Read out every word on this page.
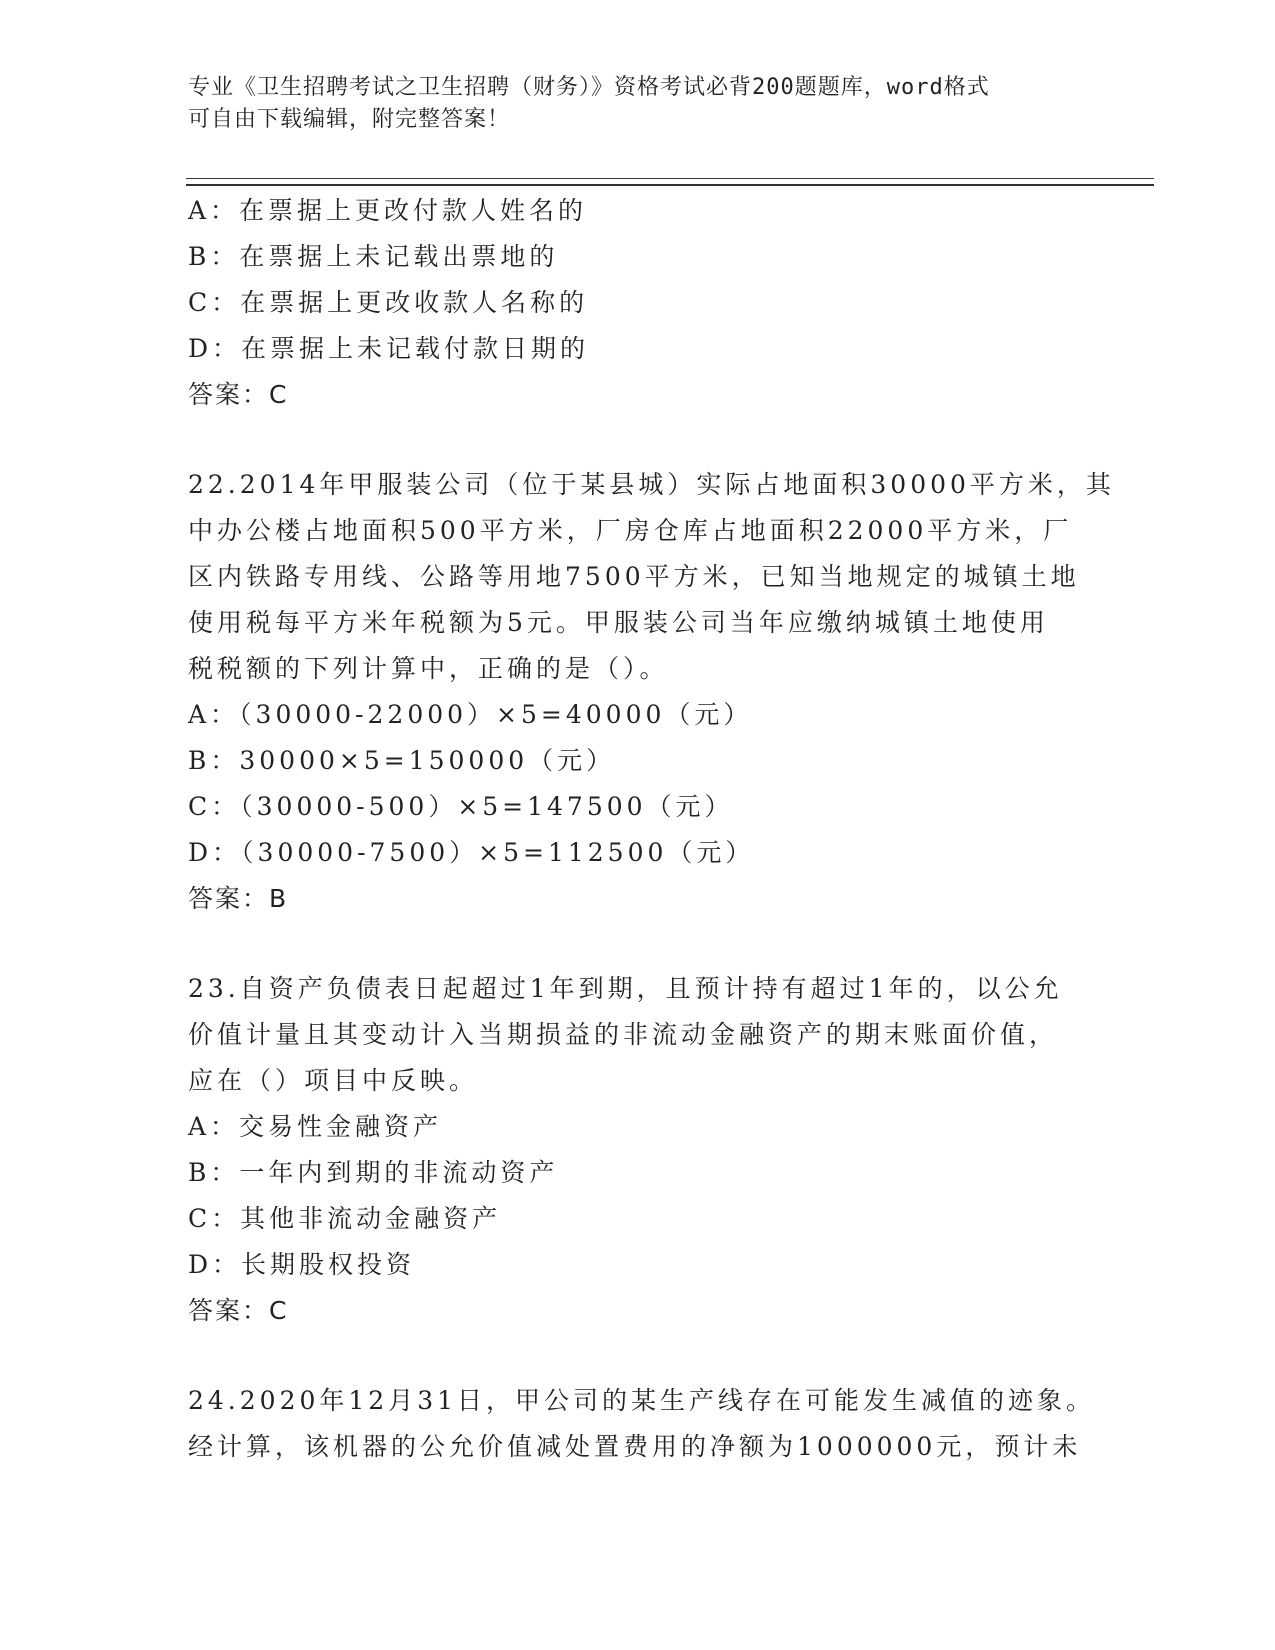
专业《卫生招聘考试之卫生招聘（财务）》资格考试必背200题题库，word格式
可自由下载编辑，附完整答案！
A：在票据上更改付款人姓名的
B：在票据上未记载出票地的
C：在票据上更改收款人名称的
D：在票据上未记载付款日期的
答案：C
22.2014年甲服装公司（位于某县城）实际占地面积30000平方米，其
中办公楼占地面积500平方米，厂房仓库占地面积22000平方米，厂
区内铁路专用线、公路等用地7500平方米，已知当地规定的城镇土地
使用税每平方米年税额为5元。甲服装公司当年应缴纳城镇土地使用
税税额的下列计算中，正确的是（）。
A：（30000-22000）×5=40000（元）
B：30000×5=150000（元）
C：（30000-500）×5=147500（元）
D：（30000-7500）×5=112500（元）
答案：B
23.自资产负债表日起超过1年到期，且预计持有超过1年的，以公允
价值计量且其变动计入当期损益的非流动金融资产的期末账面价值，
应在（）项目中反映。
A：交易性金融资产
B：一年内到期的非流动资产
C：其他非流动金融资产
D：长期股权投资
答案：C
24.2020年12月31日，甲公司的某生产线存在可能发生减值的迹象。
经计算，该机器的公允价值减处置费用的净额为1000000元，预计未
